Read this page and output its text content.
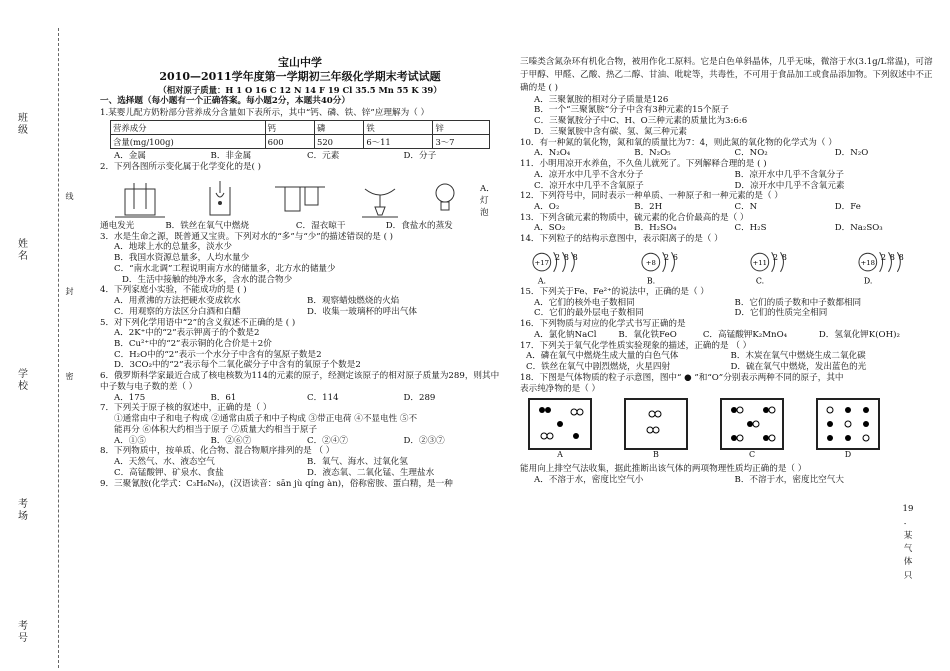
班级
姓名
学校
考场
考号
线
封
密
宝山中学
2010—2011学年度第一学期初三年级化学期末考试试题
（相对原子质量：H 1 O 16 C 12 N 14 F 19 Cl 35.5 Mn 55 K 39）
一、选择题（每小题有一个正确答案。每小题2分，本题共40分）

1.某婴儿配方奶粉部分营养成分含量如下表所示，其中“钙、磷、铁、锌”应理解为（ ）

营养成分	钙	磷	铁	锌
含量(mg/100g)	600	520	6～11	3～7
A．金属	B．非金属	C．元素	D．分子

2．下列各图所示变化属于化学变化的是( )

A．灯泡
通电发光	B．铁丝在氧气中燃烧	C．湿衣晾干	D．食盐水的蒸发

3．水是生命之源，既普通又宝贵。下列对水的“多”与“少”的描述错误的是 ( )

A．地球上水的总量多，淡水少

B．我国水资源总量多，人均水量少

C．“南水北调”工程说明南方水的储量多，北方水的储量少

D．生活中接触的纯净水多，含水的混合物少

4．下列家庭小实验，不能成功的是 ( )

A．用煮沸的方法把硬水变成软水	B．观察蜡烛燃烧的火焰
C．用观察的方法区分白酒和白醋	D．收集一玻璃杯的呼出气体

5．对下列化学用语中“2”的含义叙述不正确的是 ( )

A．2K⁺中的“2”表示钾离子的个数是2

B．Cu²⁺中的“2”表示铜的化合价是＋2价

C．H₂O中的“2”表示一个水分子中含有的氢原子数是2

D．3CO₂中的“2”表示每个二氧化碳分子中含有的氧原子个数是2

6．俄罗斯科学家最近合成了核电核数为114的元素的原子，经测定该原子的相对原子质量为289，则其中中子数与电子数的差（ ）

A．175	B．61	C．114	D．289

7．下列关于原子核的叙述中，正确的是（ ）

①通常由中子和电子构成 ②通常由质子和中子构成 ③带正电荷 ④不显电性 ⑤不

能再分 ⑥体积大约相当于原子 ⑦质量大约相当于原子

A．①⑤	B．②⑥⑦	C．②④⑦	D．②③⑦

8．下列物质中，按单质、化合物、混合物顺序排列的是 （ ）

A．天然气、水、液态空气	B．氧气、海水、过氧化氢
C．高锰酸钾、矿泉水、食盐	D．液态氧、二氧化锰、生理盐水

9．三聚氰胺(化学式：C₃H₆N₆)，(汉语读音：sān jù qíng àn)，俗称密胺、蛋白精，是一种

三嗪类含氮杂环有机化合物，被用作化工原料。它是白色单斜晶体，几乎无味，微溶于水(3.1g/L常温)，可溶于甲醇、甲醛、乙酸、热乙二醇、甘油、吡啶等，共毒性，不可用于食品加工或食品添加物。下列叙述中不正确的是 ( )

A．三聚氰胺的相对分子质量是126

B．一个“三聚氰胺”分子中含有3种元素的15个原子

C．三聚氰胺分子中C、H、O三种元素的质量比为3:6:6

D．三聚氰胺中含有碳、氢、氮三种元素

10．有一种氮的氧化物，氮和氧的质量比为7：4，则此氮的氧化物的化学式为（ ）

A．N₂O₄	B．N₂O₅	C．NO₂	D．N₂O

11．小明用凉开水养鱼，不久鱼儿就死了。下列解释合理的是 ( )

A．凉开水中几乎不含水分子	B．凉开水中几乎不含氧分子
C．凉开水中几乎不含氧原子	D．凉开水中几乎不含氧元素

12．下列符号中，同时表示一种单质、一种原子和一种元素的是（ ）

A．O₂	B．2H	C．N	D．Fe

13．下列含硫元素的物质中，硫元素的化合价最高的是（ ）

A．SO₂	B．H₂SO₄	C．H₂S	D．Na₂SO₃

14．下列粒子的结构示意图中，表示阳离子的是（ ）

+17
2 8 8
A.
+8
2 6
B.
+11
2 8
C.
+18
2 8 8
D.

15．下列关于Fe、Fe²⁺的说法中，正确的是（ ）

A．它们的核外电子数相同	B．它们的质子数和中子数都相同
C．它们的最外层电子数相同	D．它们的性质完全相同

16．下列物质与对应的化学式书写正确的是

A．氯化钠NaCl	B．氧化铁FeO	C．高锰酸钾K₂MnO₄	D．氢氧化钾K(OH)₂

17．下列关于氧气化学性质实验现象的描述，正确的是 （ ）

A．磷在氧气中燃烧生成大量的白色气体	B．木炭在氧气中燃烧生成二氧化碳
C．铁丝在氧气中剧烈燃烧，火星四射	D．硫在氧气中燃烧，发出蓝色的光

18．下图是气体物质的粒子示意图，图中“ ● ”和“O”分别表示两种不同的原子，其中

表示纯净物的是（ ）

A	B	C	D

能用向上排空气法收集，据此推断出该气体的两项物理性质均正确的是（ ）

A．不溶于水，密度比空气小	B．不溶于水，密度比空气大
19
．
某
气
体
只
